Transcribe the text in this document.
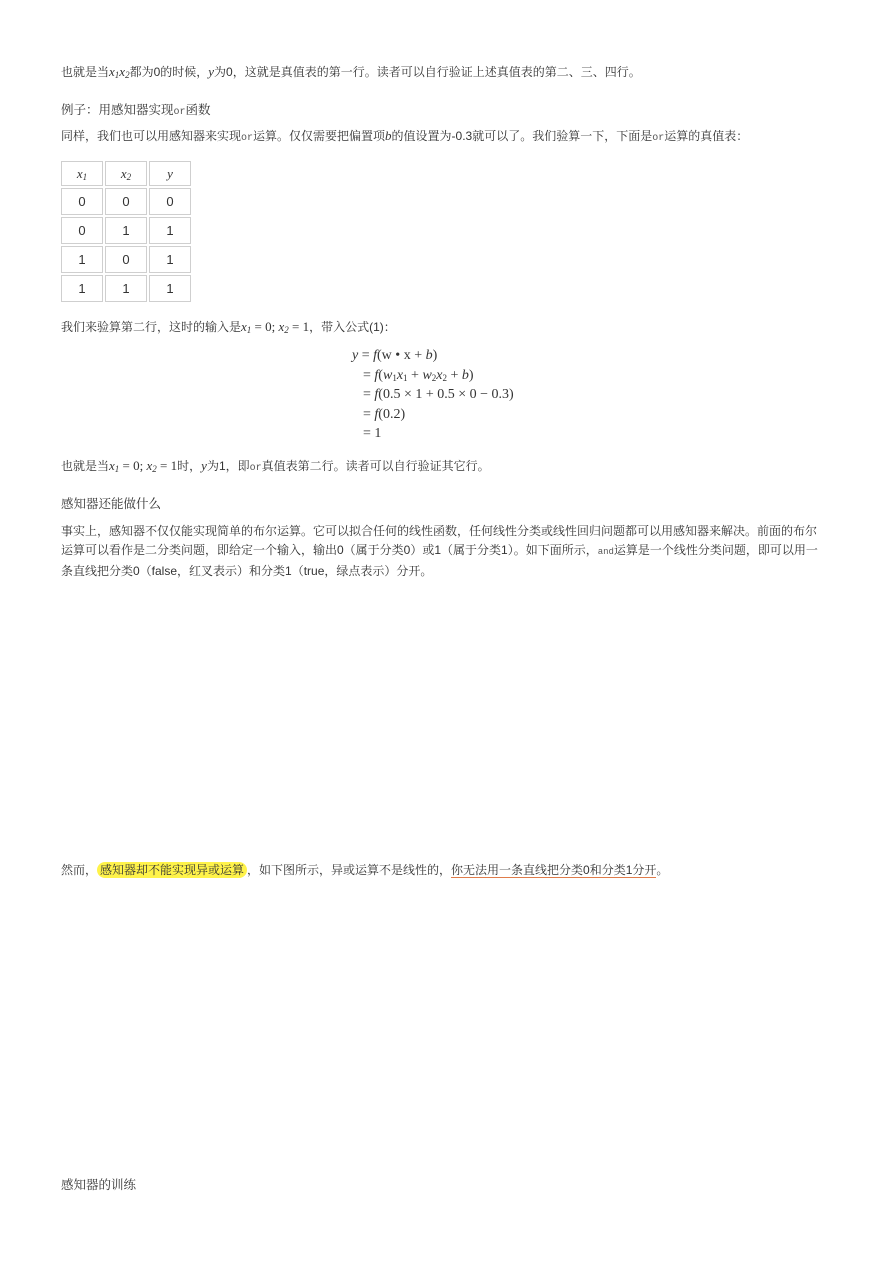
也就是当$x_1x_2$都为0的时候，y为0，这就是真值表的第一行。读者可以自行验证上述真值表的第二、三、四行。
例子：用感知器实现or函数
同样，我们也可以用感知器来实现or运算。仅仅需要把偏置项b的值设置为-0.3就可以了。我们验算一下，下面是or运算的真值表：
$x_1$	$x_2$	y
0	0	0
0	1	1
1	0	1
1	1	1
我们来验算第二行，这时的输入是$x_1 = 0$; $x_2 = 1$，带入公式(1)：
y = f(w • x + b)
= $f(w_1x_1 + w_2x_2 + b)$
= f(0.5 × 1 + 0.5 × 0 − 0.3)
= f(0.2)
= 1
也就是当$x_1 = 0$; $x_2 = 1$时，y为1，即or真值表第二行。读者可以自行验证其它行。
感知器还能做什么
事实上，感知器不仅仅能实现简单的布尔运算。它可以拟合任何的线性函数，任何线性分类或线性回归问题都可以用感知器来解决。前面的布尔
运算可以看作是二分类问题，即给定一个输入，输出0（属于分类0）或1（属于分类1）。如下面所示，and运算是一个线性分类问题，即可以用一
条直线把分类0（false，红叉表示）和分类1（true，绿点表示）分开。
然而， 感知器却不能实现异或运算 ，如下图所示，异或运算不是线性的，你无法用一条直线把分类0和分类1分开。
感知器的训练
